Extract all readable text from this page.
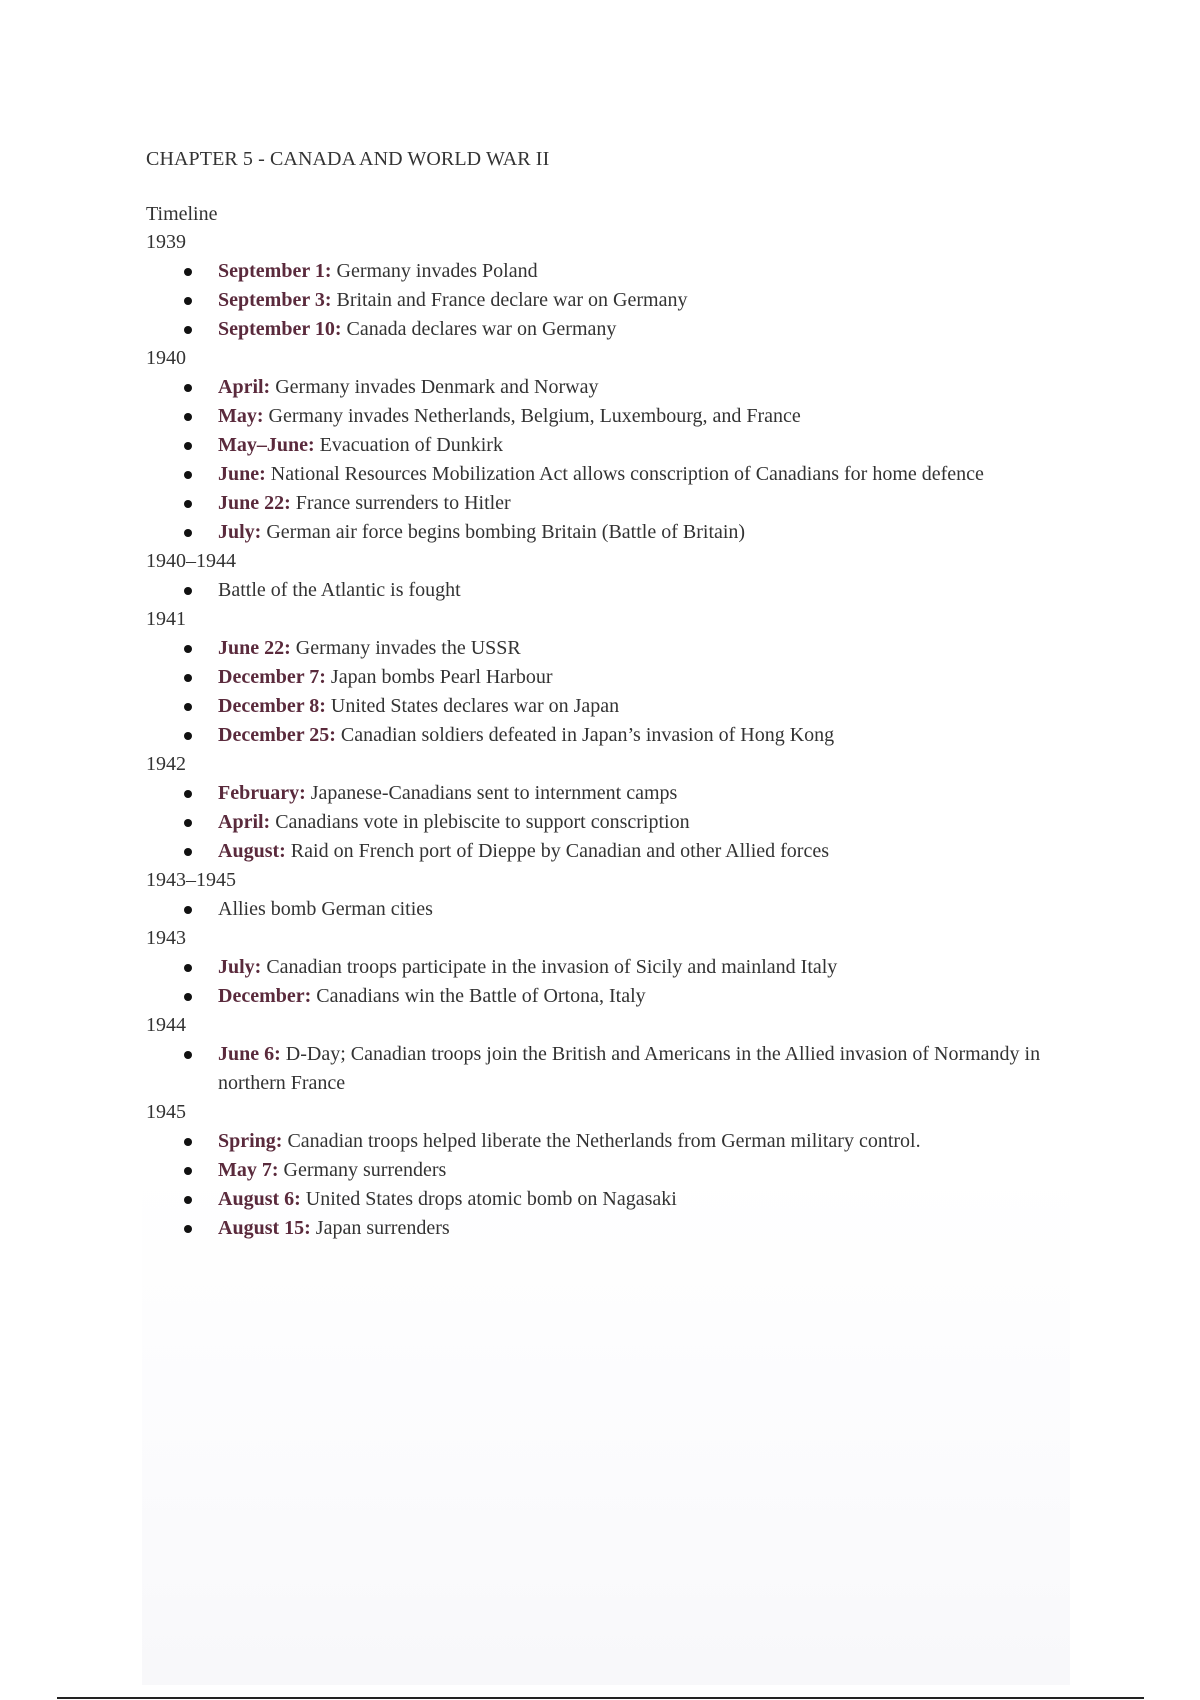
CHAPTER 5 - CANADA AND WORLD WAR II
Timeline
1939
September 1: Germany invades Poland
September 3: Britain and France declare war on Germany
September 10: Canada declares war on Germany
1940
April: Germany invades Denmark and Norway
May: Germany invades Netherlands, Belgium, Luxembourg, and France
May–June: Evacuation of Dunkirk
June: National Resources Mobilization Act allows conscription of Canadians for home defence
June 22: France surrenders to Hitler
July: German air force begins bombing Britain (Battle of Britain)
1940–1944
Battle of the Atlantic is fought
1941
June 22: Germany invades the USSR
December 7: Japan bombs Pearl Harbour
December 8: United States declares war on Japan
December 25: Canadian soldiers defeated in Japan’s invasion of Hong Kong
1942
February: Japanese-Canadians sent to internment camps
April: Canadians vote in plebiscite to support conscription
August: Raid on French port of Dieppe by Canadian and other Allied forces
1943–1945
Allies bomb German cities
1943
July: Canadian troops participate in the invasion of Sicily and mainland Italy
December: Canadians win the Battle of Ortona, Italy
1944
June 6: D-Day; Canadian troops join the British and Americans in the Allied invasion of Normandy in northern France
1945
Spring: Canadian troops helped liberate the Netherlands from German military control.
May 7: Germany surrenders
August 6: United States drops atomic bomb on Nagasaki
August 15: Japan surrenders
